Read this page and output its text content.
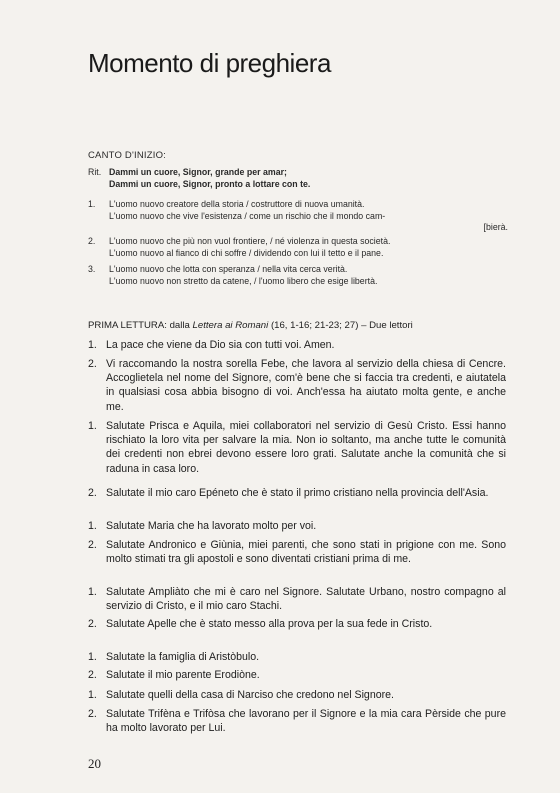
Momento di preghiera
CANTO D'INIZIO:
Rit. Dammi un cuore, Signor, grande per amar;
Dammi un cuore, Signor, pronto a lottare con te.
1. L'uomo nuovo creatore della storia / costruttore di nuova umanità.
L'uomo nuovo che vive l'esistenza / come un rischio che il mondo cam-
[bierà.
2. L'uomo nuovo che più non vuol frontiere, / né violenza in questa società.
L'uomo nuovo al fianco di chi soffre / dividendo con lui il tetto e il pane.
3. L'uomo nuovo che lotta con speranza / nella vita cerca verità.
L'uomo nuovo non stretto da catene, / l'uomo libero che esige libertà.
PRIMA LETTURA: dalla Lettera ai Romani (16, 1-16; 21-23; 27) – Due lettori
1. La pace che viene da Dio sia con tutti voi. Amen.
2. Vi raccomando la nostra sorella Febe, che lavora al servizio della chiesa di Cencre. Accoglietela nel nome del Signore, com'è bene che si faccia tra credenti, e aiutatela in qualsiasi cosa abbia bisogno di voi. Anch'essa ha aiutato molta gente, e anche me.
1. Salutate Prisca e Aquila, miei collaboratori nel servizio di Gesù Cristo. Essi hanno rischiato la loro vita per salvare la mia. Non io soltanto, ma anche tutte le comunità dei credenti non ebrei devono essere loro grati. Salutate anche la comunità che si raduna in casa loro.
2. Salutate il mio caro Epéneto che è stato il primo cristiano nella provincia dell'Asia.
1. Salutate Maria che ha lavorato molto per voi.
2. Salutate Andronico e Giùnia, miei parenti, che sono stati in prigione con me. Sono molto stimati tra gli apostoli e sono diventati cristiani prima di me.
1. Salutate Ampliàto che mi è caro nel Signore. Salutate Urbano, nostro compagno al servizio di Cristo, e il mio caro Stachi.
2. Salutate Apelle che è stato messo alla prova per la sua fede in Cristo.
1. Salutate la famiglia di Aristòbulo.
2. Salutate il mio parente Erodiòne.
1. Salutate quelli della casa di Narciso che credono nel Signore.
2. Salutate Trifèna e Trifòsa che lavorano per il Signore e la mia cara Pèrside che pure ha molto lavorato per Lui.
20
